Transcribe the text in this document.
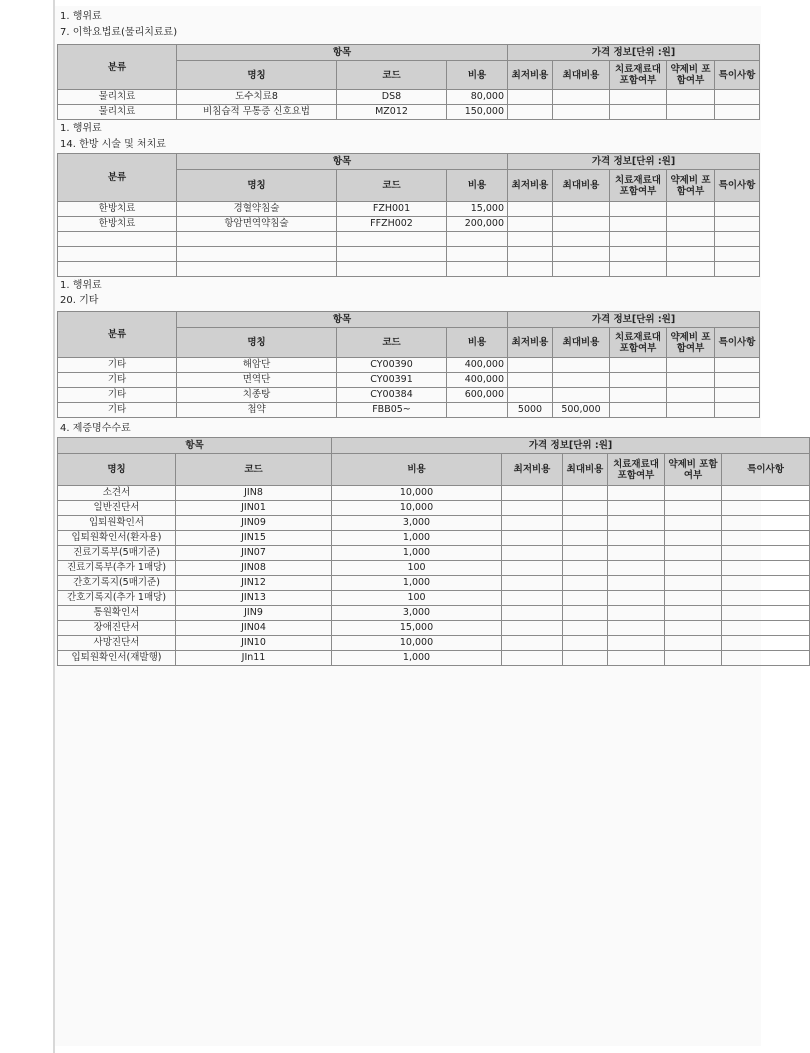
1. 행위료
7. 이학요법료(물리치료료)
분류	항목			가격 정보[단위 :원]				
	명칭	코드	비용	최저비용	최대비용	치료재료대 포함여부	약제비 포함여부	특이사항
물리치료	도수치료8	DS8	80,000					
물리치료	비침습적 무통증 신호요법	MZ012	150,000					
1. 행위료
14. 한방 시술 및 처치료
분류	항목			가격 정보[단위 :원]				
	명칭	코드	비용	최저비용	최대비용	치료재료대 포함여부	약제비 포함여부	특이사항
한방치료	경혈약침술	FZH001	15,000					
한방치료	항암면역약침술	FFZH002	200,000					

1. 행위료
20. 기타
분류	항목			가격 정보[단위 :원]				
	명칭	코드	비용	최저비용	최대비용	치료재료대 포함여부	약제비 포함여부	특이사항
기타	해암단	CY00390	400,000					
기타	면역단	CY00391	400,000					
기타	치종탕	CY00384	600,000					
기타	첩약	FBB05~		5000	500,000			
4. 제증명수수료
항목		가격 정보[단위 :원]					
명칭	코드	비용	최저비용	최대비용	치료재료대 포함여부	약제비 포함여부	특이사항
소견서	JIN8	10,000					
일반진단서	JIN01	10,000					
입퇴원확인서	JIN09	3,000					
입퇴원확인서(환자용)	JIN15	1,000					
진료기록부(5매기준)	JIN07	1,000					
진료기록부(추가 1매당)	JIN08	100					
간호기록지(5매기준)	JIN12	1,000					
간호기록지(추가 1매당)	JIN13	100					
통원확인서	JIN9	3,000					
장애진단서	JIN04	15,000					
사망진단서	JIN10	10,000					
입퇴원확인서(재발행)	JIn11	1,000					
